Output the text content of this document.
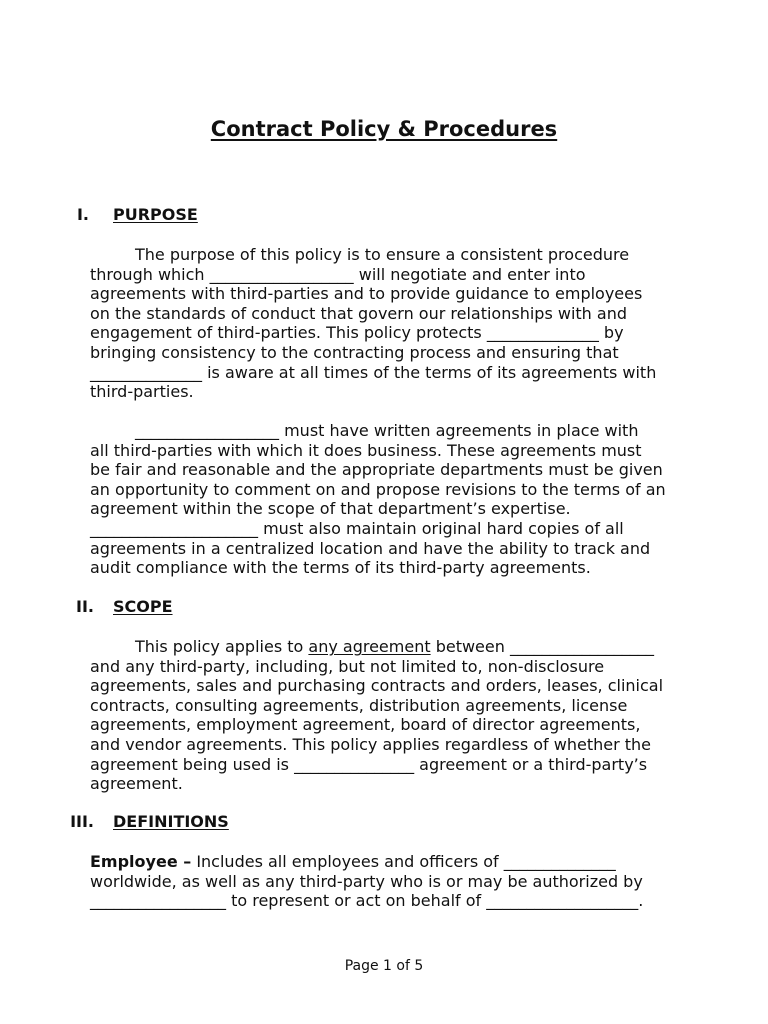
Contract Policy & Procedures
I. PURPOSE
The purpose of this policy is to ensure a consistent procedure
through which __________________ will negotiate and enter into
agreements with third-parties and to provide guidance to employees
on the standards of conduct that govern our relationships with and
engagement of third-parties. This policy protects ______________ by
bringing consistency to the contracting process and ensuring that
______________ is aware at all times of the terms of its agreements with
third-parties.
__________________ must have written agreements in place with
all third-parties with which it does business. These agreements must
be fair and reasonable and the appropriate departments must be given
an opportunity to comment on and propose revisions to the terms of an
agreement within the scope of that department’s expertise.
_____________________ must also maintain original hard copies of all
agreements in a centralized location and have the ability to track and
audit compliance with the terms of its third-party agreements.
II. SCOPE
This policy applies to any agreement between __________________
and any third-party, including, but not limited to, non-disclosure
agreements, sales and purchasing contracts and orders, leases, clinical
contracts, consulting agreements, distribution agreements, license
agreements, employment agreement, board of director agreements,
and vendor agreements. This policy applies regardless of whether the
agreement being used is _______________ agreement or a third-party’s
agreement.
III. DEFINITIONS
Employee – Includes all employees and officers of ______________
worldwide, as well as any third-party who is or may be authorized by
_________________ to represent or act on behalf of ___________________.
Page 1 of 5
